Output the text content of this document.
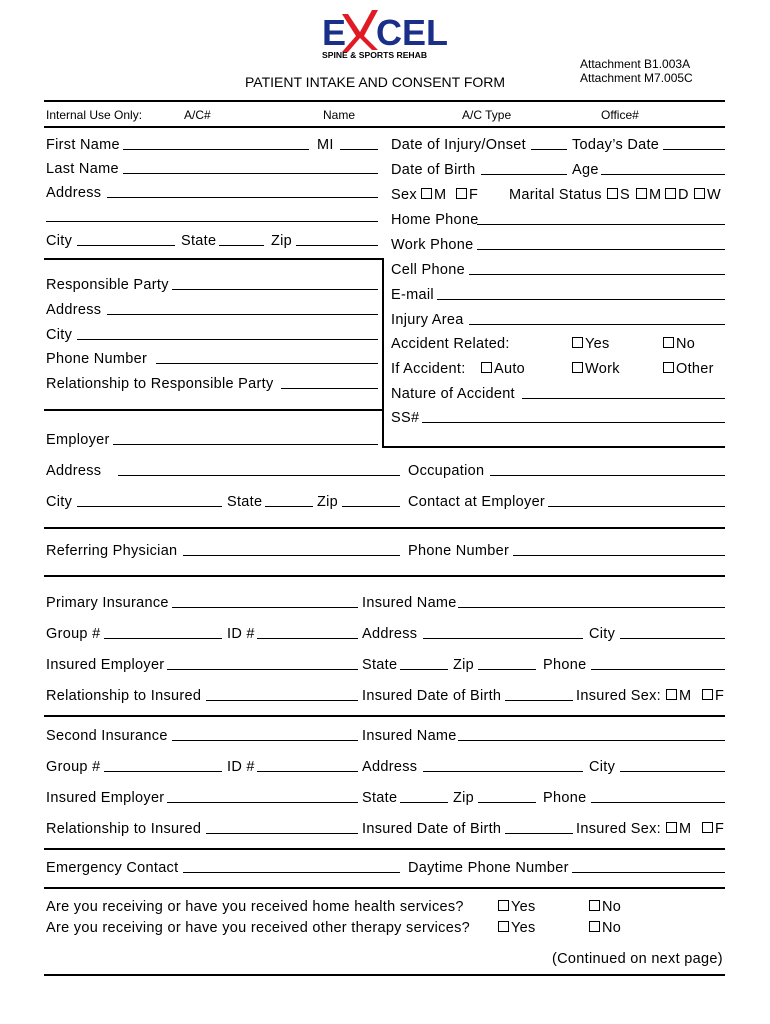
E CEL
SPINE & SPORTS REHAB
Attachment B1.003A
Attachment M7.005C
PATIENT INTAKE AND CONSENT FORM
Internal Use Only:	A/C#	Name	A/C Type	Office#
First Name	MI
Last Name
Address
City	State	Zip
Date of Injury/Onset	Today’s Date
Date of Birth	Age
Sex	M	F Marital Status	S	M	D	W
Home Phone
Work Phone
Responsible Party
Address
City
Phone Number
Relationship to Responsible Party
Cell Phone
E-mail
Injury Area
Accident Related:	Yes	No
If Accident:	Auto	Work	Other
Nature of Accident
SS#
Employer
Address	Occupation
City	State	Zip	Contact at Employer
Referring Physician	Phone Number
Primary Insurance	Insured Name
Group #	ID #	Address	City
Insured Employer	State	Zip	Phone
Relationship to Insured	Insured Date of Birth	Insured Sex:	M	F
Second Insurance	Insured Name
Group #	ID #	Address	City
Insured Employer	State	Zip	Phone
Relationship to Insured	Insured Date of Birth	Insured Sex:	M	F
Emergency Contact	Daytime Phone Number
Are you receiving or have you received home health services?	Yes	No
Are you receiving or have you received other therapy services?	Yes	No
(Continued on next page)
